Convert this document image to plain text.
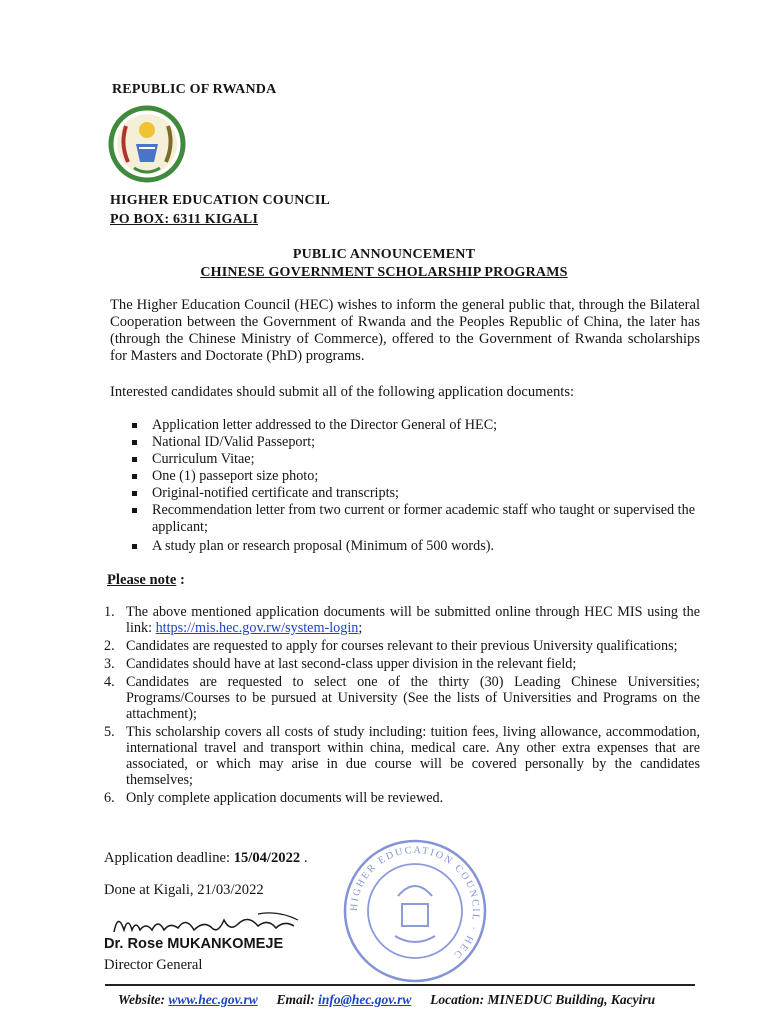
REPUBLIC OF RWANDA
HIGHER EDUCATION COUNCIL
PO BOX: 6311 KIGALI
PUBLIC ANNOUNCEMENT
CHINESE GOVERNMENT SCHOLARSHIP PROGRAMS
The Higher Education Council (HEC) wishes to inform the general public that, through the Bilateral Cooperation between the Government of Rwanda and the Peoples Republic of China, the later has (through the Chinese Ministry of Commerce), offered to the Government of Rwanda scholarships for Masters and Doctorate (PhD) programs.
Interested candidates should submit all of the following application documents:
Application letter addressed to the Director General of HEC;
National ID/Valid Passeport;
Curriculum Vitae;
One (1) passeport size photo;
Original-notified certificate and transcripts;
Recommendation letter from two current or former academic staff who taught or supervised the applicant;
A study plan or research proposal (Minimum of 500 words).
Please note :
1. The above mentioned application documents will be submitted online through HEC MIS using the link: https://mis.hec.gov.rw/system-login;
2. Candidates are requested to apply for courses relevant to their previous University qualifications;
3. Candidates should have at last second-class upper division in the relevant field;
4. Candidates are requested to select one of the thirty (30) Leading Chinese Universities; Programs/Courses to be pursued at University (See the lists of Universities and Programs on the attachment);
5. This scholarship covers all costs of study including: tuition fees, living allowance, accommodation, international travel and transport within china, medical care. Any other extra expenses that are associated, or which may arise in due course will be covered personally by the candidates themselves;
6. Only complete application documents will be reviewed.
Application deadline: 15/04/2022 .
Done at Kigali, 21/03/2022
HIGHER EDUCATION COUNCIL · HEC
Dr. Rose MUKANKOMEJE
Director General
Website: www.hec.gov.rw Email: info@hec.gov.rw Location: MINEDUC Building, Kacyiru
